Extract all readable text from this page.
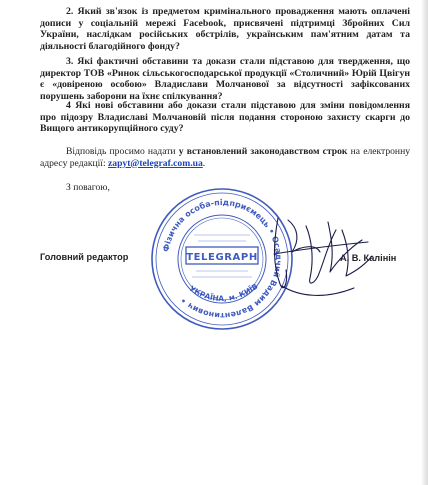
2. Який зв'язок із предметом кримінального провадження мають оплачені дописи у соціальній мережі Facebook, присвячені підтримці Збройних Сил України, наслідкам російських обстрілів, українським пам'ятним датам та діяльності благодійного фонду?
3. Які фактичні обставини та докази стали підставою для твердження, що директор ТОВ «Ринок сільськогосподарської продукції «Столичний» Юрій Цвігун є «довіреною особою» Владислави Молчанової за відсутності зафіксованих порушень заборони на їхнє спілкування?
4 Які нові обставини або докази стали підставою для зміни повідомлення про підозру Владиславі Молчановій після подання стороною захисту скарги до Вищого антикорупційного суду?
Відповідь просимо надати у встановлений законодавством строк на електронну адресу редакції: zapyt@telegraf.com.ua.
З повагою,
Головний редактор	А. В. Калінін
Фізична особа-підприємець • Осадчий Вадим Валентинович •
УКРАЇНА, м. КИЇВ
TELEGRAPH
